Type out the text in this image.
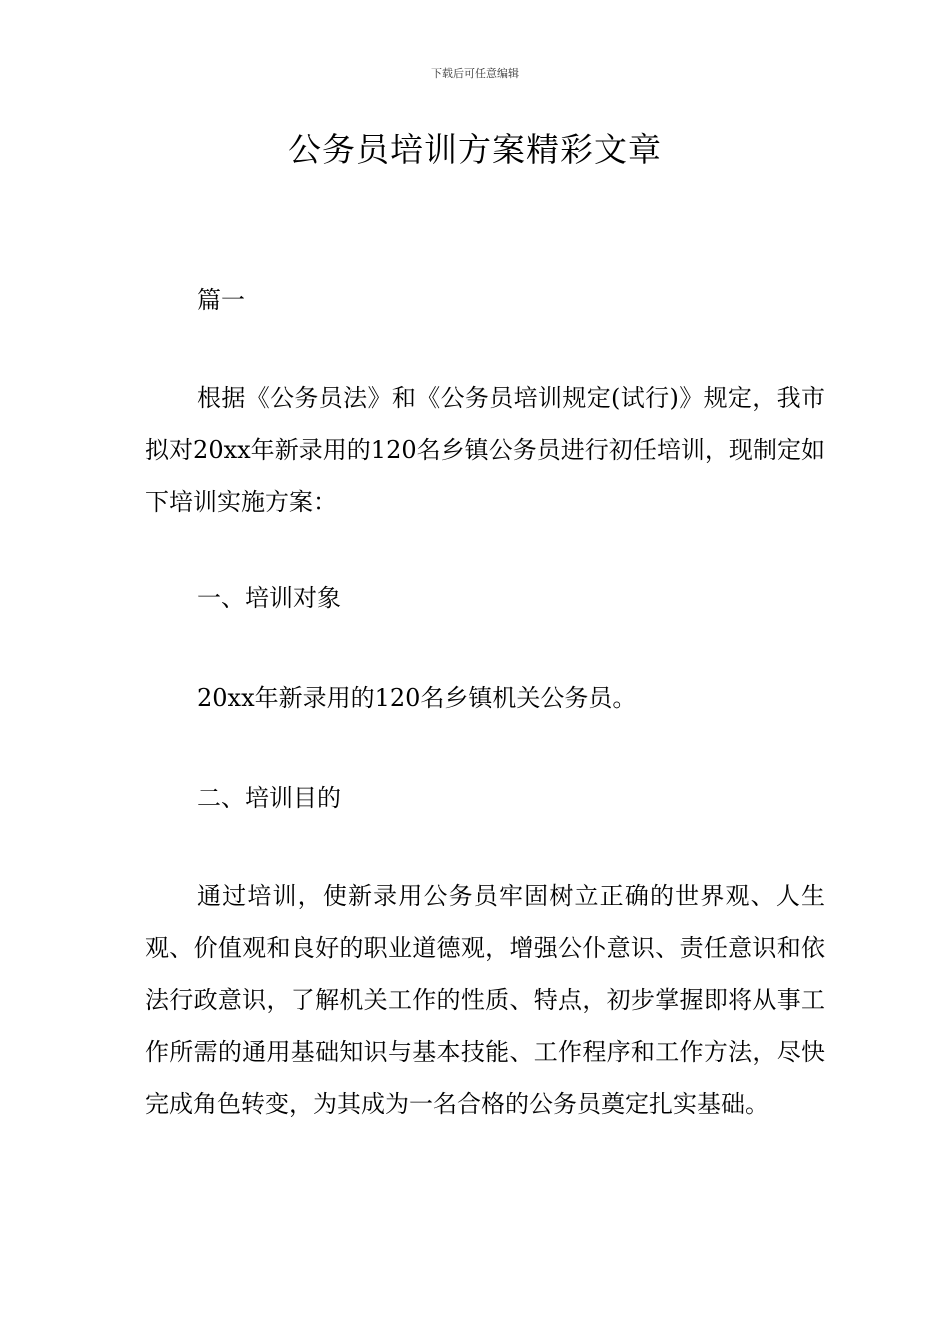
下载后可任意编辑
公务员培训方案精彩文章
篇一
根据《公务员法》和《公务员培训规定(试行)》规定，我市拟对20xx年新录用的120名乡镇公务员进行初任培训，现制定如下培训实施方案：
一、培训对象
20xx年新录用的120名乡镇机关公务员。
二、培训目的
通过培训，使新录用公务员牢固树立正确的世界观、人生观、价值观和良好的职业道德观，增强公仆意识、责任意识和依法行政意识，了解机关工作的性质、特点，初步掌握即将从事工作所需的通用基础知识与基本技能、工作程序和工作方法，尽快完成角色转变，为其成为一名合格的公务员奠定扎实基础。
